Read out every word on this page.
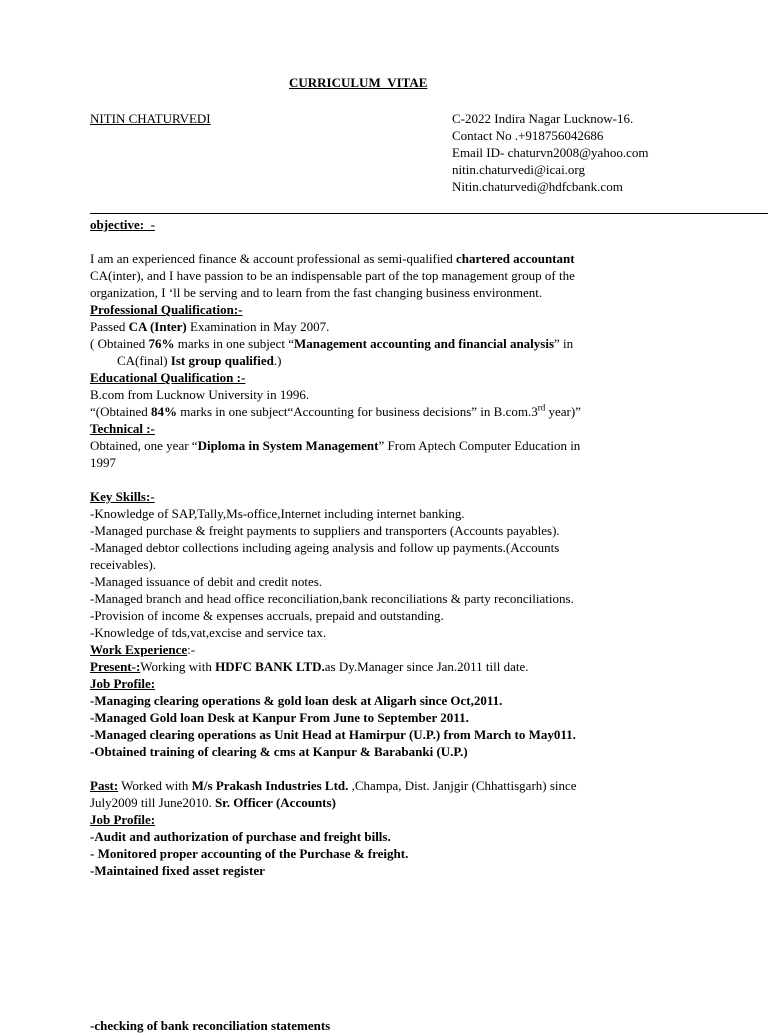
CURRICULUM_VITAE
NITIN CHATURVEDI	C-2022 Indira Nagar Lucknow-16.
Contact No .+918756042686
Email ID- chaturvn2008@yahoo.com
nitin.chaturvedi@icai.org
Nitin.chaturvedi@hdfcbank.com
objective:_-
I am an experienced finance & account professional as semi-qualified chartered accountant
CA(inter), and I have passion to be an indispensable part of the top management group of the
organization, I ‘ll be serving and to learn from the fast changing business environment.
Professional Qualification:-
Passed CA (Inter) Examination in May 2007.
( Obtained 76% marks in one subject “Management accounting and financial analysis” in
CA(final) Ist group qualified.)
Educational Qualification :-
B.com from Lucknow University in 1996.
“(Obtained 84% marks in one subject“Accounting for business decisions” in B.com.3rd year)”
Technical :-
Obtained, one year “Diploma in System Management” From Aptech Computer Education in
1997
Key Skills:-
-Knowledge of SAP,Tally,Ms-office,Internet including internet banking.
-Managed purchase & freight payments to suppliers and transporters (Accounts payables).
-Managed debtor collections including ageing analysis and follow up payments.(Accounts
receivables).
-Managed issuance of debit and credit notes.
-Managed branch and head office reconciliation,bank reconciliations & party reconciliations.
-Provision of income & expenses accruals, prepaid and outstanding.
-Knowledge of tds,vat,excise and service tax.
Work Experience:-
Present-:Working with HDFC BANK LTD.as Dy.Manager since Jan.2011 till date.
Job Profile:
-Managing clearing operations & gold loan desk at Aligarh since Oct,2011.
-Managed Gold loan Desk at Kanpur From June to September 2011.
-Managed clearing operations as Unit Head at Hamirpur (U.P.) from March to May011.
-Obtained training of clearing & cms at Kanpur & Barabanki (U.P.)
Past: Worked with M/s Prakash Industries Ltd. ,Champa, Dist. Janjgir (Chhattisgarh) since
July2009 till June2010. Sr. Officer (Accounts)
Job Profile:
-Audit and authorization of purchase and freight bills.
- Monitored proper accounting of the Purchase & freight.
-Maintained fixed asset register
-checking of bank reconciliation statements
